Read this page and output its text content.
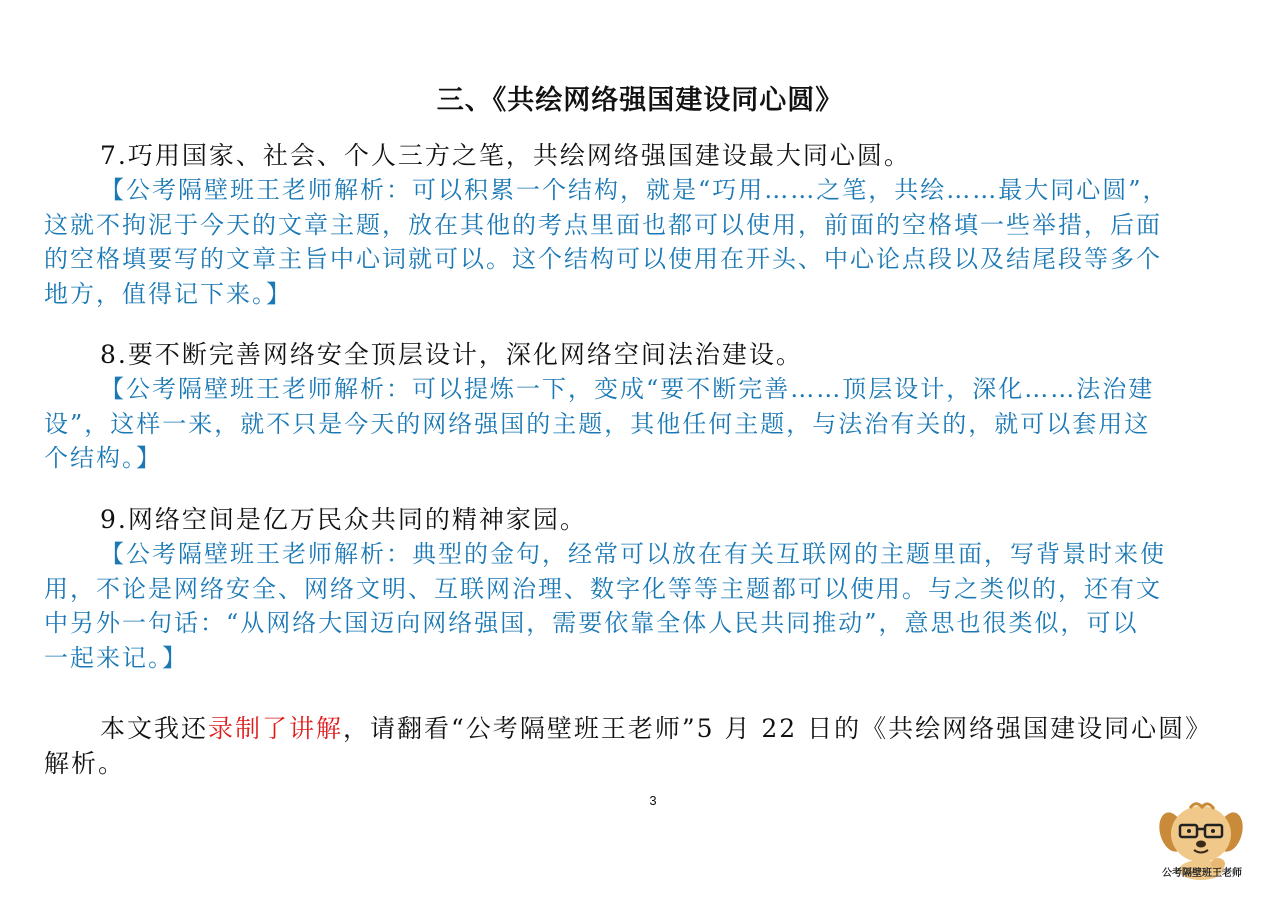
三、《共绘网络强国建设同心圆》

7.巧用国家、社会、个人三方之笔，共绘网络强国建设最大同心圆。

【公考隔壁班王老师解析：可以积累一个结构，就是“巧用……之笔，共绘……最大同心圆”，
这就不拘泥于今天的文章主题，放在其他的考点里面也都可以使用，前面的空格填一些举措，后面
的空格填要写的文章主旨中心词就可以。这个结构可以使用在开头、中心论点段以及结尾段等多个
地方，值得记下来。】

8.要不断完善网络安全顶层设计，深化网络空间法治建设。

【公考隔壁班王老师解析：可以提炼一下，变成“要不断完善……顶层设计，深化……法治建
设”，这样一来，就不只是今天的网络强国的主题，其他任何主题，与法治有关的，就可以套用这
个结构。】

9.网络空间是亿万民众共同的精神家园。

【公考隔壁班王老师解析：典型的金句，经常可以放在有关互联网的主题里面，写背景时来使
用，不论是网络安全、网络文明、互联网治理、数字化等等主题都可以使用。与之类似的，还有文
中另外一句话：“从网络大国迈向网络强国，需要依靠全体人民共同推动”，意思也很类似，可以
一起来记。】

本文我还录制了讲解，请翻看“公考隔壁班王老师”5 月 22 日的《共绘网络强国建设同心圆》

解析。

3
公考隔壁班王老师
